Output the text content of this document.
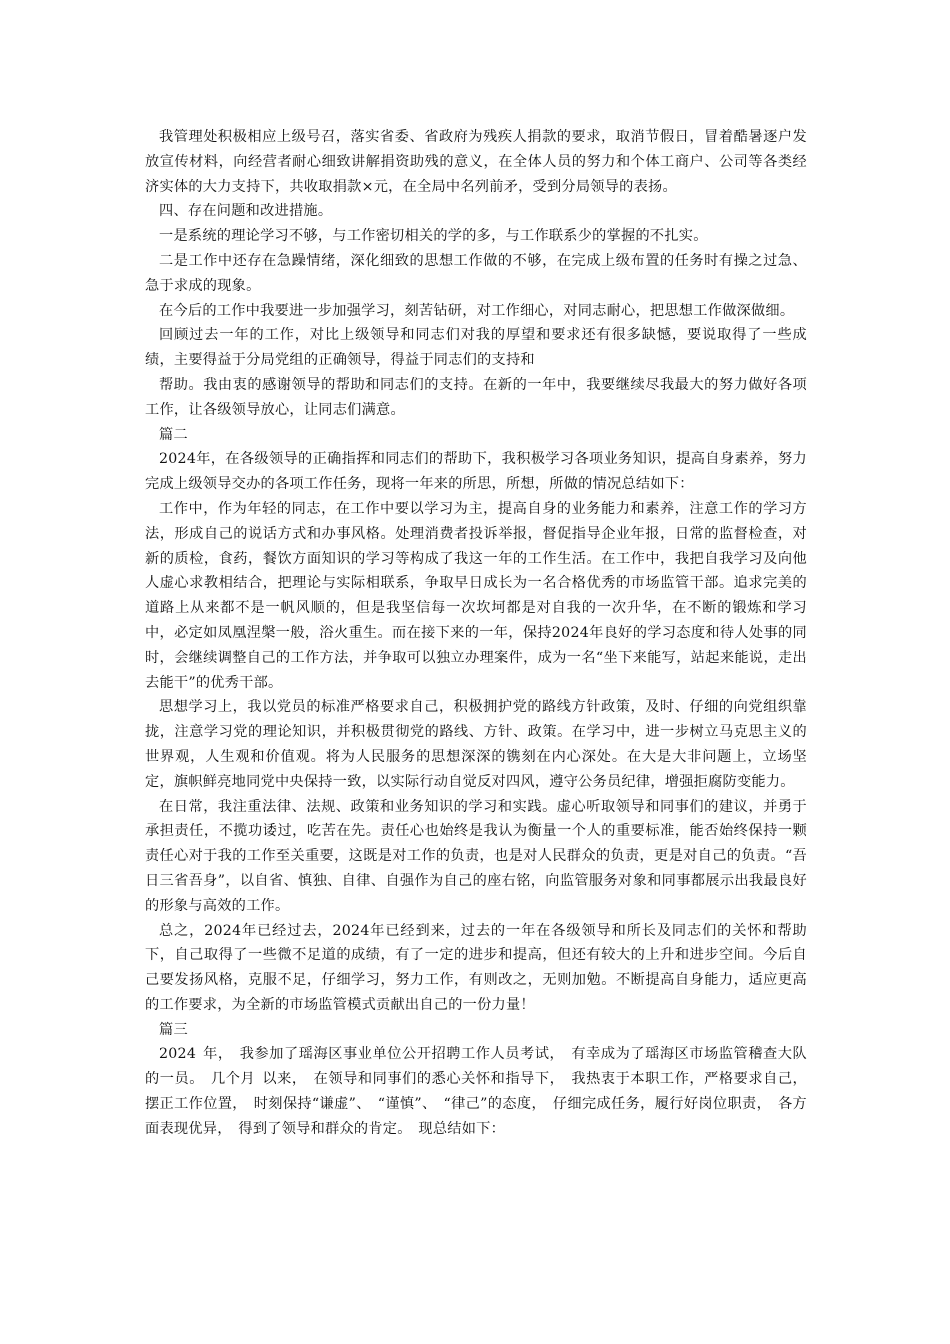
我管理处积极相应上级号召，落实省委、省政府为残疾人捐款的要求，取消节假日，冒着酷暑逐户发放宣传材料，向经营者耐心细致讲解捐资助残的意义，在全体人员的努力和个体工商户、公司等各类经济实体的大力支持下，共收取捐款×元，在全局中名列前矛，受到分局领导的表扬。

四、存在问题和改进措施。

一是系统的理论学习不够，与工作密切相关的学的多，与工作联系少的掌握的不扎实。

二是工作中还存在急躁情绪，深化细致的思想工作做的不够，在完成上级布置的任务时有操之过急、急于求成的现象。

在今后的工作中我要进一步加强学习，刻苦钻研，对工作细心，对同志耐心，把思想工作做深做细。

回顾过去一年的工作，对比上级领导和同志们对我的厚望和要求还有很多缺憾，要说取得了一些成绩，主要得益于分局党组的正确领导，得益于同志们的支持和

帮助。我由衷的感谢领导的帮助和同志们的支持。在新的一年中，我要继续尽我最大的努力做好各项工作，让各级领导放心，让同志们满意。

篇二

2024年，在各级领导的正确指挥和同志们的帮助下，我积极学习各项业务知识，提高自身素养，努力完成上级领导交办的各项工作任务，现将一年来的所思，所想，所做的情况总结如下：

工作中，作为年轻的同志，在工作中要以学习为主，提高自身的业务能力和素养，注意工作的学习方法，形成自己的说话方式和办事风格。处理消费者投诉举报，督促指导企业年报，日常的监督检查，对新的质检，食药，餐饮方面知识的学习等构成了我这一年的工作生活。在工作中，我把自我学习及向他人虚心求教相结合，把理论与实际相联系，争取早日成长为一名合格优秀的市场监管干部。追求完美的道路上从来都不是一帆风顺的，但是我坚信每一次坎坷都是对自我的一次升华，在不断的锻炼和学习中，必定如凤凰涅槃一般，浴火重生。而在接下来的一年，保持2024年良好的学习态度和待人处事的同时，会继续调整自己的工作方法，并争取可以独立办理案件，成为一名“坐下来能写，站起来能说，走出去能干”的优秀干部。

思想学习上，我以党员的标准严格要求自己，积极拥护党的路线方针政策，及时、仔细的向党组织靠拢，注意学习党的理论知识，并积极贯彻党的路线、方针、政策。在学习中，进一步树立马克思主义的世界观，人生观和价值观。将为人民服务的思想深深的镌刻在内心深处。在大是大非问题上，立场坚定，旗帜鲜亮地同党中央保持一致，以实际行动自觉反对四风，遵守公务员纪律，增强拒腐防变能力。

在日常，我注重法律、法规、政策和业务知识的学习和实践。虚心听取领导和同事们的建议，并勇于承担责任，不揽功诿过，吃苦在先。责任心也始终是我认为衡量一个人的重要标准，能否始终保持一颗责任心对于我的工作至关重要，这既是对工作的负责，也是对人民群众的负责，更是对自己的负责。“吾日三省吾身”，以自省、慎独、自律、自强作为自己的座右铭，向监管服务对象和同事都展示出我最良好的形象与高效的工作。

总之，2024年已经过去，2024年已经到来，过去的一年在各级领导和所长及同志们的关怀和帮助下，自己取得了一些微不足道的成绩，有了一定的进步和提高，但还有较大的上升和进步空间。今后自己要发扬风格，克服不足，仔细学习，努力工作，有则改之，无则加勉。不断提高自身能力，适应更高的工作要求，为全新的市场监管模式贡献出自己的一份力量！

篇三

2024 年， 我参加了瑶海区事业单位公开招聘工作人员考试， 有幸成为了瑶海区市场监管稽查大队的一员。 几个月 以来， 在领导和同事们的悉心关怀和指导下， 我热衷于本职工作，严格要求自己， 摆正工作位置， 时刻保持“谦虚”、 “谨慎”、 “律己”的态度， 仔细完成任务，履行好岗位职责， 各方面表现优异， 得到了领导和群众的肯定。 现总结如下：
